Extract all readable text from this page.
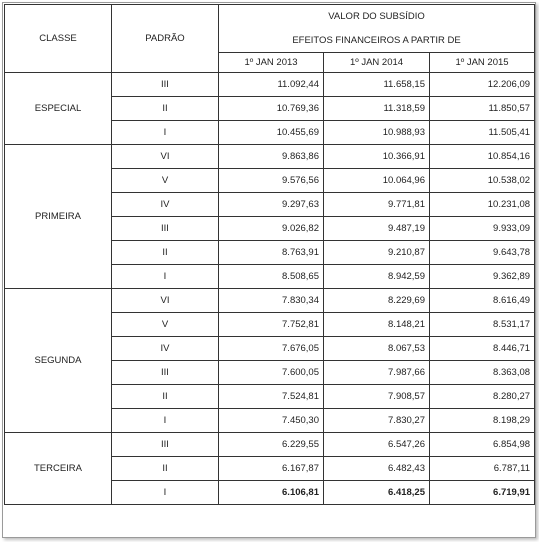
CLASSE	PADRÃO	VALOR DO SUBSÍDIO		
		EFEITOS FINANCEIROS A PARTIR DE		
		1º JAN 2013	1º JAN 2014	1º JAN 2015
ESPECIAL	III	11.092,44	11.658,15	12.206,09
	II	10.769,36	11.318,59	11.850,57
	I	10.455,69	10.988,93	11.505,41
PRIMEIRA	VI	9.863,86	10.366,91	10.854,16
	V	9.576,56	10.064,96	10.538,02
	IV	9.297,63	9.771,81	10.231,08
	III	9.026,82	9.487,19	9.933,09
	II	8.763,91	9.210,87	9.643,78
	I	8.508,65	8.942,59	9.362,89
SEGUNDA	VI	7.830,34	8.229,69	8.616,49
	V	7.752,81	8.148,21	8.531,17
	IV	7.676,05	8.067,53	8.446,71
	III	7.600,05	7.987,66	8.363,08
	II	7.524,81	7.908,57	8.280,27
	I	7.450,30	7.830,27	8.198,29
TERCEIRA	III	6.229,55	6.547,26	6.854,98
	II	6.167,87	6.482,43	6.787,11
	I	6.106,81	6.418,25	6.719,91
